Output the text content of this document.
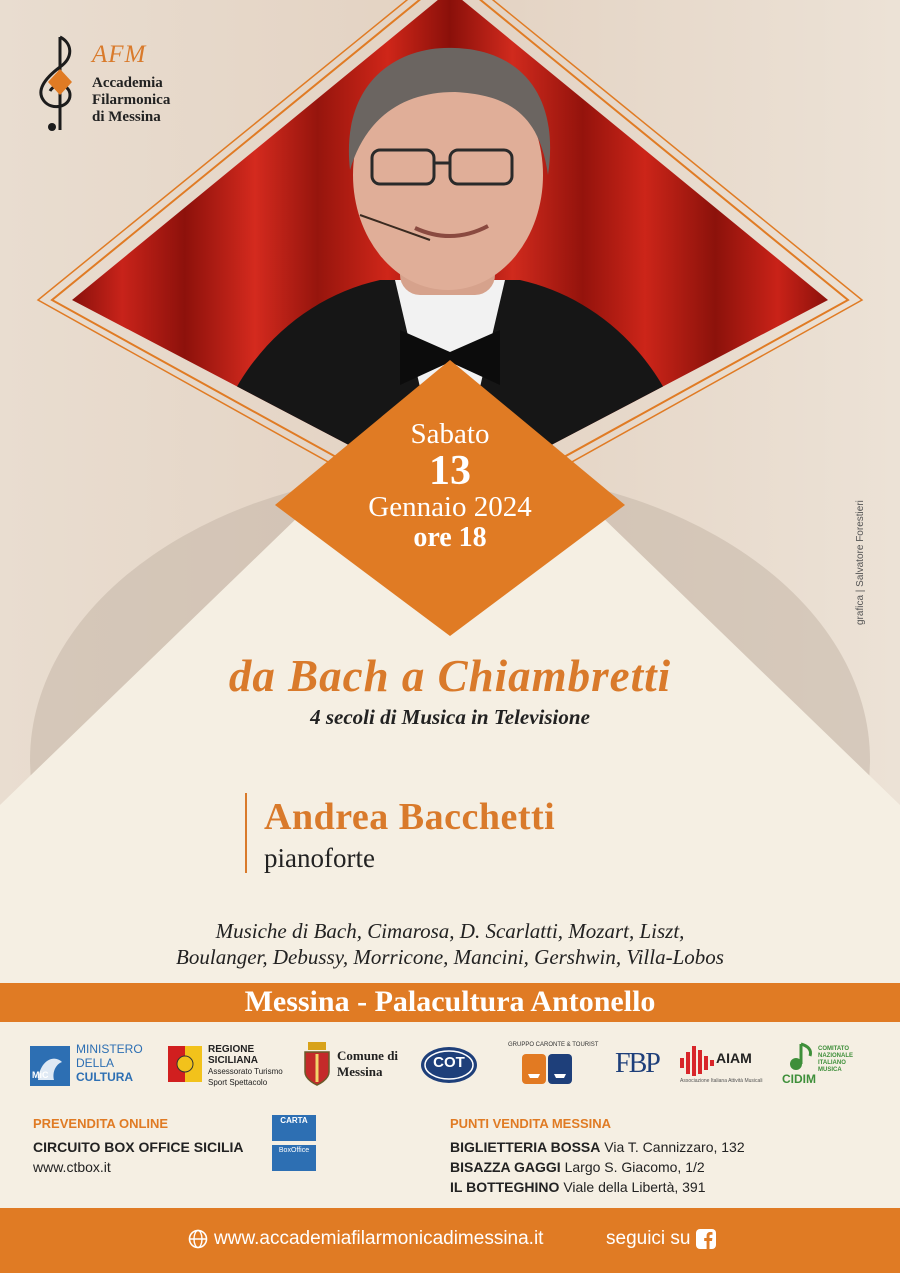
AFM
Accademia
Filarmonica
di Messina
grafica | Salvatore Forestieri
Sabato
13
Gennaio 2024
ore 18
da Bach a Chiambretti
4 secoli di Musica in Televisione
Andrea Bacchetti
pianoforte
Musiche di Bach, Cimarosa, D. Scarlatti, Mozart, Liszt,
Boulanger, Debussy, Morricone, Mancini, Gershwin, Villa-Lobos
Messina - Palacultura Antonello
MINISTERO
DELLA
CULTURA
MiC
REGIONE
SICILIANA
Assessorato Turismo
Sport Spettacolo
Comune di
Messina
COT
GRUPPO CARONTE & TOURIST
FBP	AIAM
Associazione Italiana Attività Musicali CIDIM
COMITATO
NAZIONALE
ITALIANO
MUSICA
PREVENDITA ONLINE
CIRCUITO BOX OFFICE SICILIA
www.ctbox.it
CARTA
BoxOffice
PUNTI VENDITA MESSINA
BIGLIETTERIA BOSSA Via T. Cannizzaro, 132
BISAZZA GAGGI Largo S. Giacomo, 1/2
IL BOTTEGHINO Viale della Libertà, 391
www.accademiafilarmonicadimessina.it	seguici su
